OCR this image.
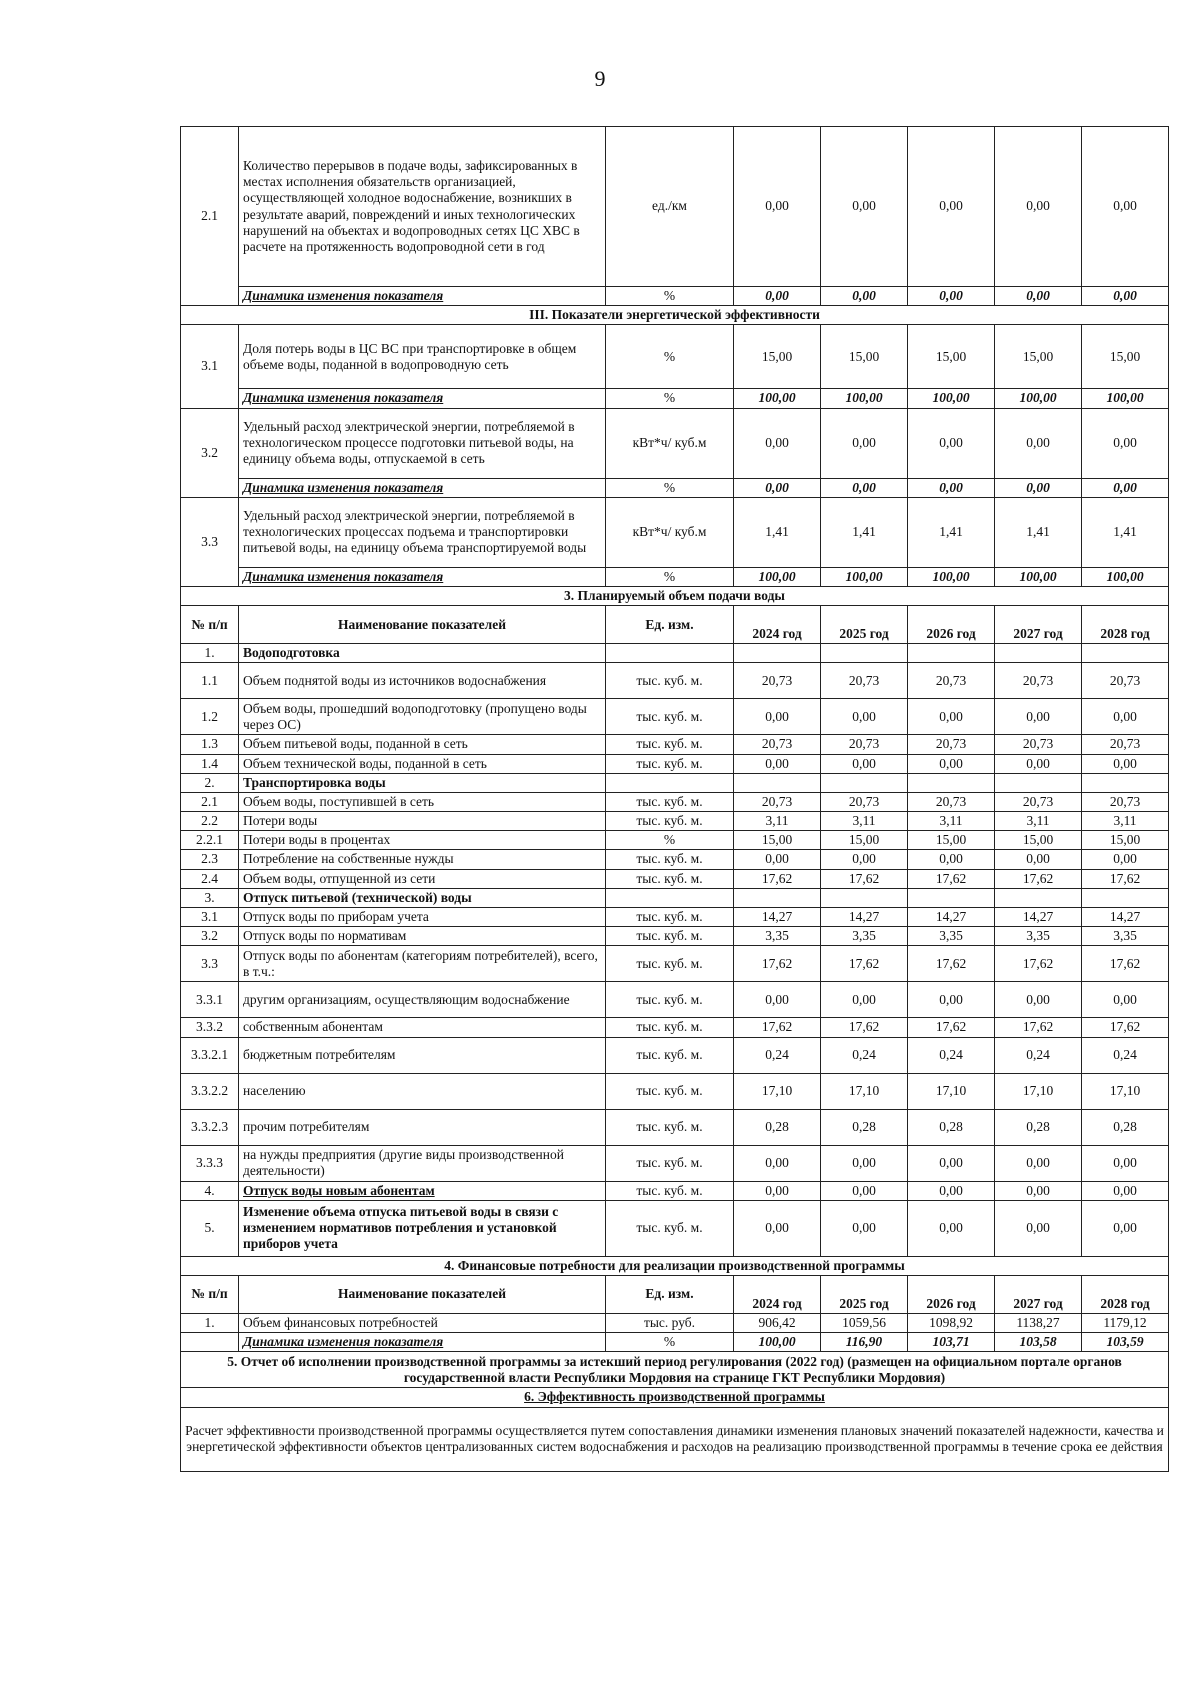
9
2.1	Количество перерывов в подаче воды, зафиксированных в местах исполнения обязательств организацией, осуществляющей холодное водоснабжение, возникших в результате аварий, повреждений и иных технологических нарушений на объектах и водопроводных сетях ЦС ХВС в расчете на протяженность водопроводной сети в год	ед./км	0,00	0,00	0,00	0,00	0,00
	Динамика изменения показателя	%	0,00	0,00	0,00	0,00	0,00
III. Показатели энергетической эффективности							
3.1	Доля потерь воды в ЦС ВС при транспортировке в общем объеме воды, поданной в водопроводную сеть	%	15,00	15,00	15,00	15,00	15,00
	Динамика изменения показателя	%	100,00	100,00	100,00	100,00	100,00
3.2	Удельный расход электрической энергии, потребляемой в технологическом процессе подготовки питьевой воды, на единицу объема воды, отпускаемой в сеть	кВт*ч/ куб.м	0,00	0,00	0,00	0,00	0,00
	Динамика изменения показателя	%	0,00	0,00	0,00	0,00	0,00
3.3	Удельный расход электрической энергии, потребляемой в технологических процессах подъема и транспортировки питьевой воды, на единицу объема транспортируемой воды	кВт*ч/ куб.м	1,41	1,41	1,41	1,41	1,41
	Динамика изменения показателя	%	100,00	100,00	100,00	100,00	100,00
3. Планируемый объем подачи воды							
№ п/п	Наименование показателей	Ед. изм.	2024 год	2025 год	2026 год	2027 год	2028 год
1.	Водоподготовка						
1.1	Объем поднятой воды из источников водоснабжения	тыс. куб. м.	20,73	20,73	20,73	20,73	20,73
1.2	Объем воды, прошедший водоподготовку (пропущено воды через ОС)	тыс. куб. м.	0,00	0,00	0,00	0,00	0,00
1.3	Объем питьевой воды, поданной в сеть	тыс. куб. м.	20,73	20,73	20,73	20,73	20,73
1.4	Объем технической воды, поданной в сеть	тыс. куб. м.	0,00	0,00	0,00	0,00	0,00
2.	Транспортировка воды						
2.1	Объем воды, поступившей в сеть	тыс. куб. м.	20,73	20,73	20,73	20,73	20,73
2.2	Потери воды	тыс. куб. м.	3,11	3,11	3,11	3,11	3,11
2.2.1	Потери воды в процентах	%	15,00	15,00	15,00	15,00	15,00
2.3	Потребление на собственные нужды	тыс. куб. м.	0,00	0,00	0,00	0,00	0,00
2.4	Объем воды, отпущенной из сети	тыс. куб. м.	17,62	17,62	17,62	17,62	17,62
3.	Отпуск питьевой (технической) воды						
3.1	Отпуск воды по приборам учета	тыс. куб. м.	14,27	14,27	14,27	14,27	14,27
3.2	Отпуск воды по нормативам	тыс. куб. м.	3,35	3,35	3,35	3,35	3,35
3.3	Отпуск воды по абонентам (категориям потребителей), всего, в т.ч.:	тыс. куб. м.	17,62	17,62	17,62	17,62	17,62
3.3.1	другим организациям, осуществляющим водоснабжение	тыс. куб. м.	0,00	0,00	0,00	0,00	0,00
3.3.2	собственным абонентам	тыс. куб. м.	17,62	17,62	17,62	17,62	17,62
3.3.2.1	бюджетным потребителям	тыс. куб. м.	0,24	0,24	0,24	0,24	0,24
3.3.2.2	населению	тыс. куб. м.	17,10	17,10	17,10	17,10	17,10
3.3.2.3	прочим потребителям	тыс. куб. м.	0,28	0,28	0,28	0,28	0,28
3.3.3	на нужды предприятия (другие виды производственной деятельности)	тыс. куб. м.	0,00	0,00	0,00	0,00	0,00
4.	Отпуск воды новым абонентам	тыс. куб. м.	0,00	0,00	0,00	0,00	0,00
5.	Изменение объема отпуска питьевой воды в связи с изменением нормативов потребления и установкой приборов учета	тыс. куб. м.	0,00	0,00	0,00	0,00	0,00
4. Финансовые потребности для реализации производственной программы							
№ п/п	Наименование показателей	Ед. изм.	2024 год	2025 год	2026 год	2027 год	2028 год
1.	Объем финансовых потребностей	тыс. руб.	906,42	1059,56	1098,92	1138,27	1179,12
	Динамика изменения показателя	%	100,00	116,90	103,71	103,58	103,59
5. Отчет об исполнении производственной программы за истекший период регулирования (2022 год) (размещен на официальном портале органов государственной власти Республики Мордовия на странице ГКТ Республики Мордовия)							
6. Эффективность производственной программы							
Расчет эффективности производственной программы осуществляется путем сопоставления динамики изменения плановых значений показателей надежности, качества и энергетической эффективности объектов централизованных систем водоснабжения и расходов на реализацию производственной программы в течение срока ее действия							
